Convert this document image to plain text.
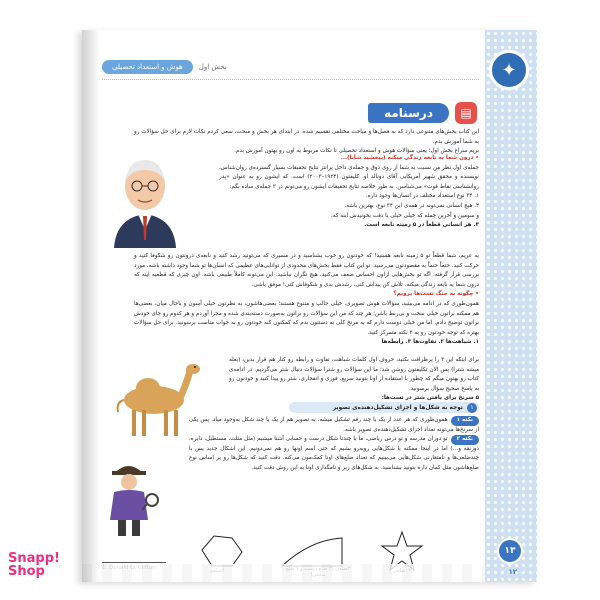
✦
بخش اول
هوش و استعداد تحصیلی
▤
درسنامه
این کتاب بخش‌های متنوعی دارد که به فصل‌ها و مباحث مختلفی تقسیم شده. در ابتدای هر بخش و مبحث، سعی کردم نکات لازم برای حل سؤالات رو به شما آموزش بدم.
بریم سراغ بخش اول؛ یعنی سؤالات هوش و استعداد تحصیلی تا نکات مربوط به اون رو بهتون آموزش بدم.
• درون شما به نابغه زندگی میکنه (بیخشید شانا)...
جمله‌ی اول نظر من نسبت به شما از روی ذوق و جمله‌ی داخل پرانتز نتایج تحقیقات بسیار گسترده‌ی روان‌شناس، نویسنده و محقق شهیر آمریکایی آقای دونالد او. کلیفتون (۱۹۲۴–۲۰۰۳) است. که ایشون رو به عنوان «پدر روانشناسی نقاط قوت» می‌شناسن. به طور خلاصه نتایج تحقیقات ایشون رو می‌تونم در ۳ جمله‌ی ساده بگم:
۱. ۳۴ نوع استعداد مختلف در انسان‌ها وجود داره.
۲. هیچ انسانی نمی‌تونه در همه‌ی این ۳۴ نوع، بهترین باشه.
و سومین و آخرین جمله که خیلی خیلی با دقت بخونیدش اینه که،
۳. هر انسانی قطعاً در ۵ زمینه نابغه است.
یه عریم، شما قطعاً تو ۵ زمینه نابغه هستید! که خودتون رو خوب بشناسید و در مسیری که می‌تونید رشد کنید و نابغه‌ی درونتون رو شکوفا کنید و حرکت کنید. حتماً حتماً به مقصودتون می‌رسید. تو این کتاب فقط بخش‌های محدودی از توانایی‌های عظیمی که انسان‌ها تو شما وجود داشته باشه، مورد بررسی قرار گرفته. اگه تو بخش‌هایی ازاون احساس ضعف می‌کنید، هیچ نگران نباشید. این می‌تونه کاملاً طبیعی باشه. اون چیزی که قطعیه اینه که درون شما یه نابغه زندگی میکنه. تلاش کن پیداش کنی، رشدش بدی و شکوفاش کنی! موفق باشی.
• چگونه به جنگ تست‌ها برویم؟
همون‌طوری که در ادامه می‌بینید، سؤالات هوش تصویری، خیلی جالب و متنوع هستند؛ بعضی‌هاشون، به نظرتون خیلی آسون و باحال میان، بعضی‌ها هم ممکنه براتون خیلی سخت و بی‌ربط باشن؛ هر چند که من این سؤالات رو براتون به‌صورت دسته‌بندی شده و مجزا آوردم و هر کدوم رو جای خودش براتون توضیح دادم، اما من خیلی دوست دارم که به مرنخ کلی به دستتون بدم که کمکتون کنه خودتون رو به جواب مناسب برسونید. برای حل سؤالات بهتره که توجه خودتون رو به ۳ نکته متمرکز کنید.
۱. شباهت‌ها ۲. تفاوت‌ها ۳. رابطه‌ها
برای اینکه این ۳ را پرظرافت بکنید، حروف اول کلمات شباهت، تفاوت و رابطه رو کنار هم قرار بدین، (بعله میشه شترا) پس الان تکلیفتون روشن شد؛ ما این سؤالات رو شترا سؤالات دنبال شتر می‌گردیم. در ادامه‌ی کتاب رو بهتون میگم که چطور با استفاده از اونا بتونید سریع، فوری و انفجاری، شتر رو پیدا کنید و خودتون رو به پاسخ صحیح سؤال برسونید.
۵ سرنخ برای یافتن شتر در تست‌ها:
۱
توجه به شکل‌ها و اجزای تشکیل‌دهنده‌ی تصویر
نکته ۱همون‌طوری که هر عدد از یک یا چند رقم تشکیل میشه، به تصویر هم از یک یا چند شکل به‌وجود میاد. پس یکی از سرنخ‌ها می‌تونه تعداد اجزای تشکیل‌دهنده‌ی تصویر باشه.
نکته ۲تو دوران مدرسه و تو درس ریاضی، ما با چندتا شکل درست و حسابی آشنا میشیم (مثل مثلث، مستطیل، دایره، ذوزنقه و…) اما در اینجا ممکنه با شکل‌هایی رو‌به‌رو بشیم که حتی اسم اونها رو هم نمی‌دونیم. این اشکال جدید پس با چند‌ضلعی‌ها و نامتقارنی شکل‌هایی می‌بینیم که تعداد ضلع‌های اونا کمک‌مون می‌کنه. دقت کنید که شکل‌ها رو بر اساس نوع ضلع‌هاشون مثل کمان داره بتونید بشناسید. به شکل‌های زیر و نامگذاری اونا به این روش دقت کنید.
۱۳
۱۲
Snapp!
Shop
